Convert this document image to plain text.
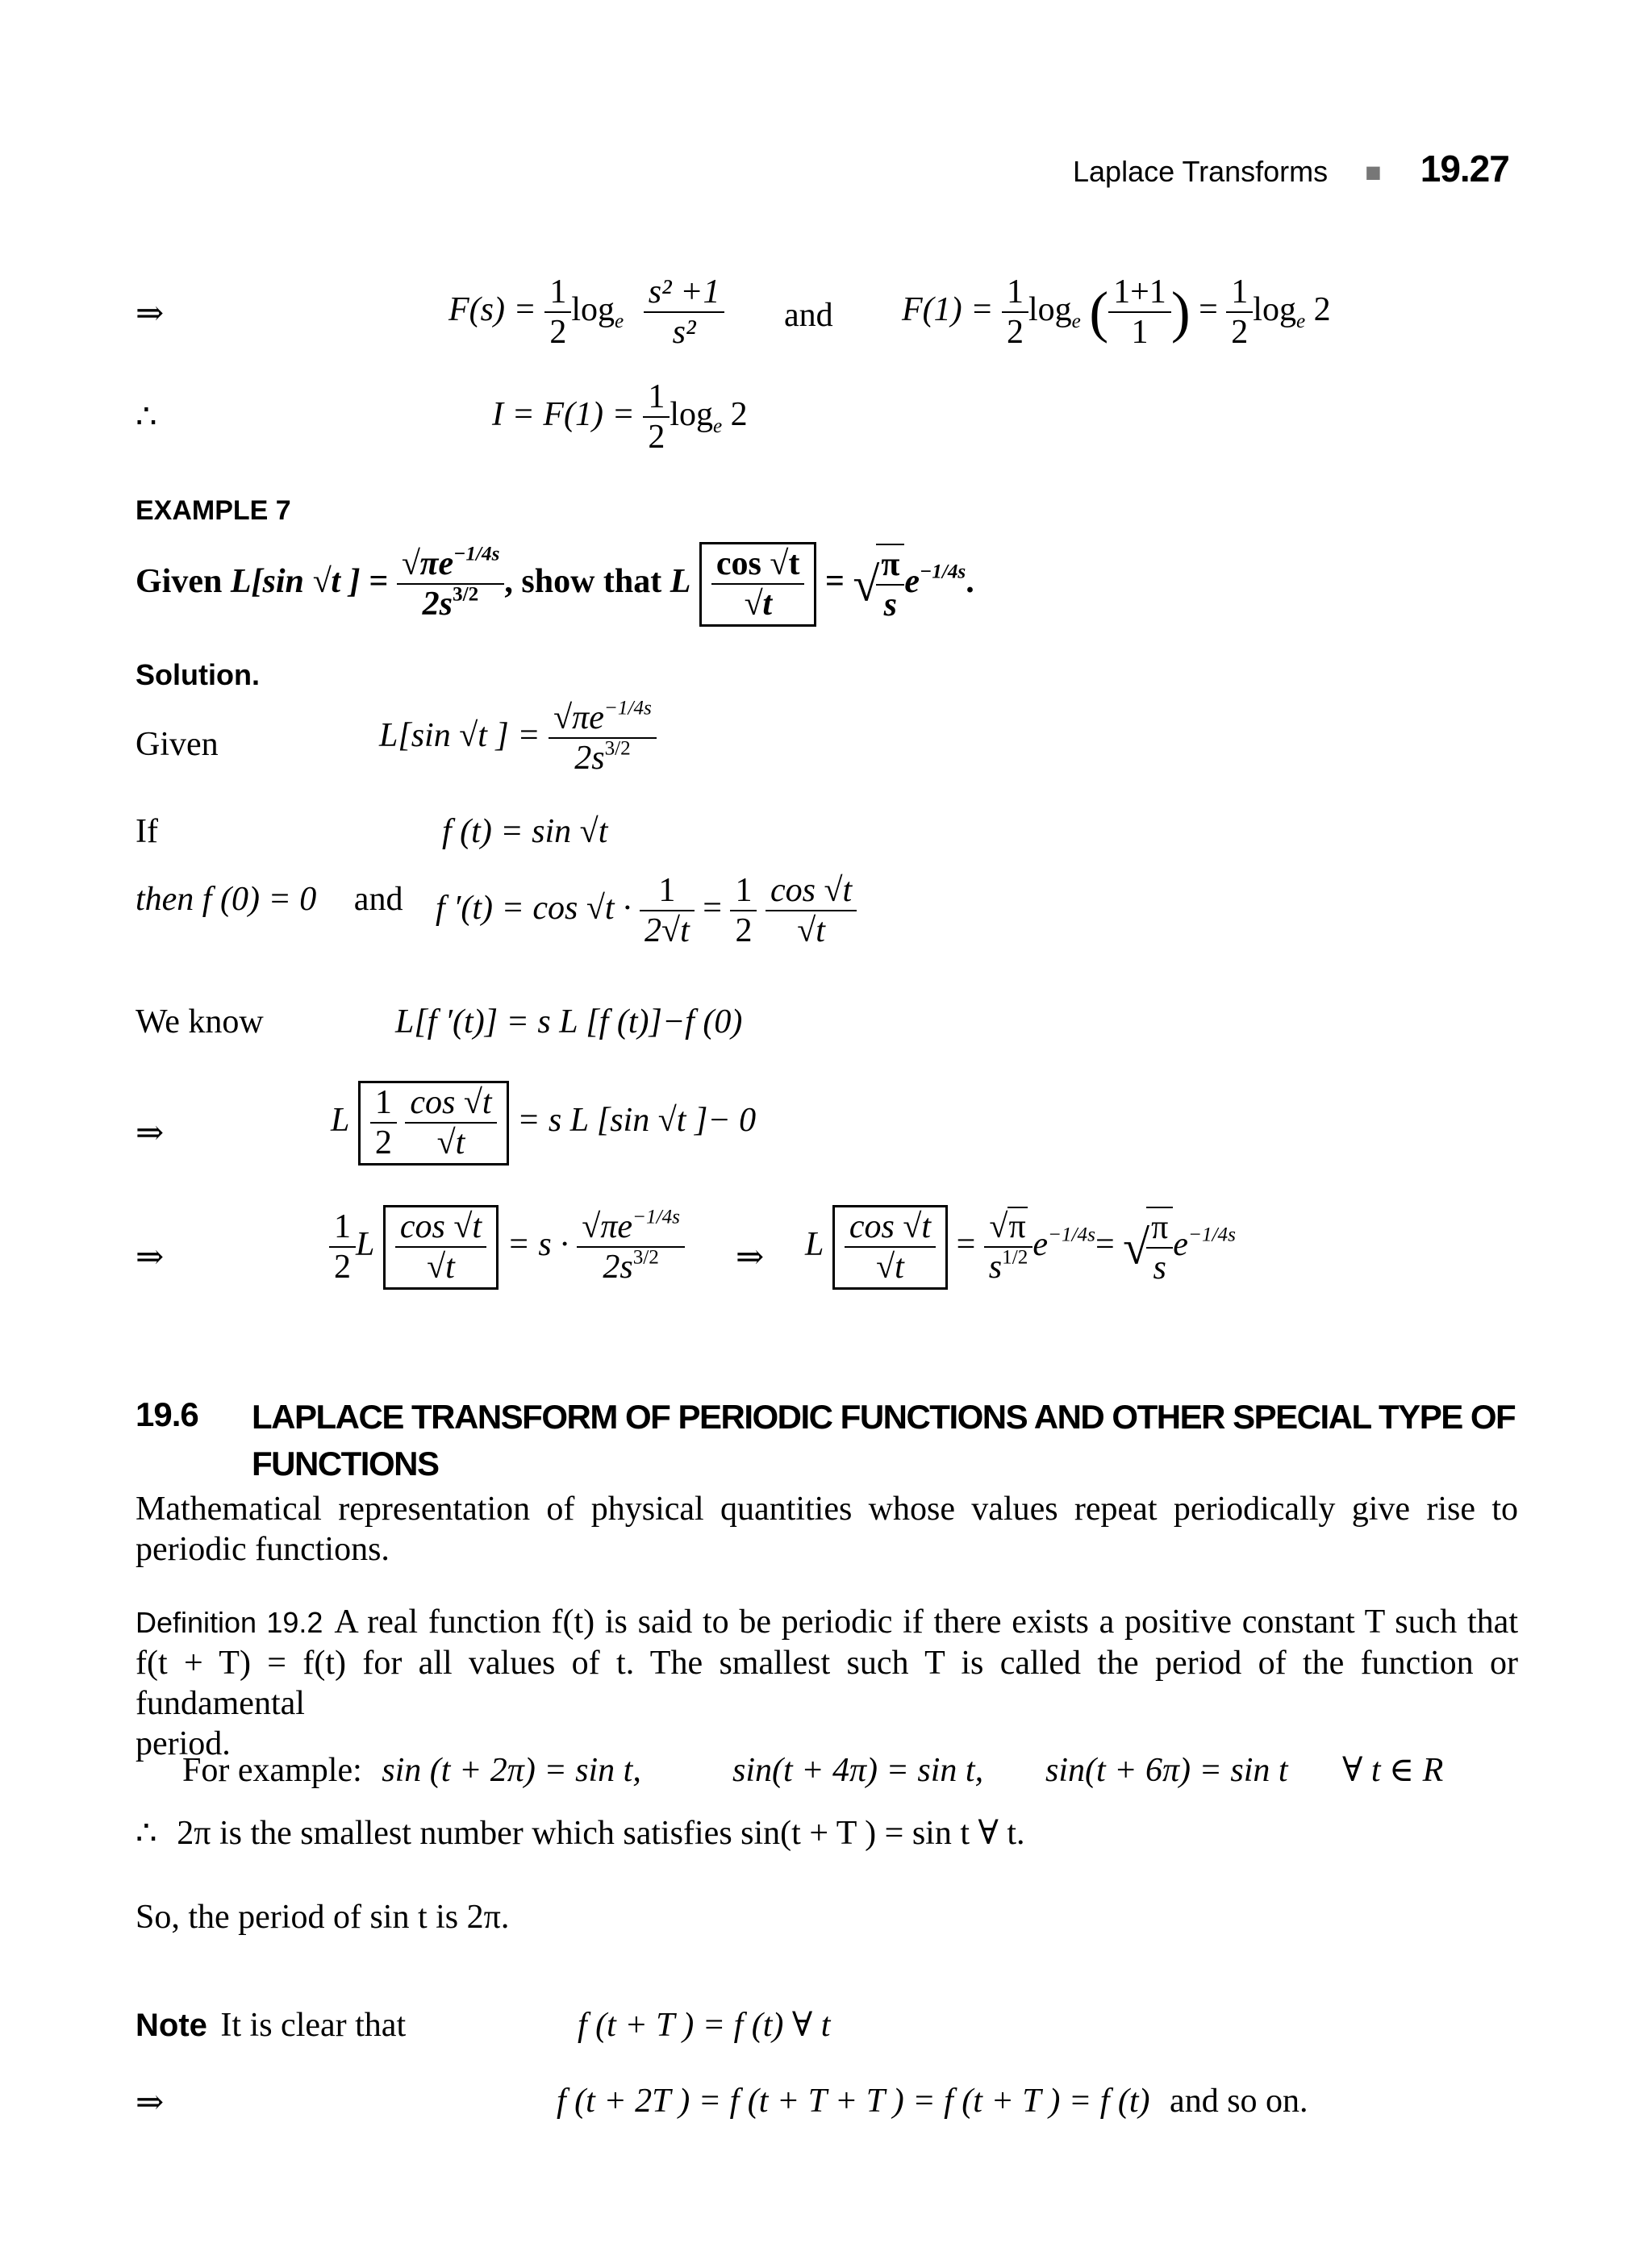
Laplace Transforms ■ 19.27
⇒	$F(s) = \frac{1}{2} \log_e \frac{\text{s² +1}}{\text{s²}}$ and $F(1) = \frac{1}{2} \log_e$ ( $\frac{1+1}{1}$ ) = $\frac{1}{2} \log_e 2$
∴	$I = F(1) = \frac{1}{2} \log_e 2$
EXAMPLE 7
Given L[sin √t ] = $\frac{√\pi e^{-1/4s}}{2s^{3/2}}$ , show that L $\frac{\cos √t}{√t}$ = √
$\frac{\pi}{s} e^{-1/4s}$.
Solution.
Given	L[sin √t ] = $\frac{√\pi e^{-1/4s}}{2s^{3/2}}$
If	f (t) = sin √t
then f (0) = 0 and f $'(t) = \cos √t \cdot \frac{1}{2√t} = \frac{1}{2}$
$\frac{\cos √t}{√t}$
We know	L[f ′(t)] = s L [f (t)]−f (0)
⇒	L $\frac{1}{2}$
$\frac{\cos √t}{√t} = s$ L [sin √t ]− 0
⇒	$\frac{1}{2}$ L $\frac{\cos √t}{√t} = s \cdot \frac{√\pi e^{-1/4s}}{2s^{3/2}}$ ⇒ L $\frac{\cos √t}{√t} = \frac{√\pi}{s^{1/2}} e^{-1/4s}=$ √
$\frac{\pi}{s} e^{-1/4s}$
19.6 LAPLACE TRANSFORM OF PERIODIC FUNCTIONS AND OTHER SPECIAL TYPE OF
FUNCTIONS
Mathematical representation of physical quantities whose values repeat periodically give rise to
periodic functions.
Definition 19.2 A real function f(t) is said to be periodic if there exists a positive constant T such that
f(t + T) = f(t) for all values of t. The smallest such T is called the period of the function or fundamental
period.
For example: sin (t + 2π) = sin t,	sin(t + 4π) = sin t, sin(t + 6π) = sin t ∀ t ∈ R
∴ 2π is the smallest number which satisfies sin(t + T ) = sin t ∀ t.
So, the period of sin t is 2π.
Note It is clear that	f (t + T ) = f (t) ∀ t
⇒	f (t + 2T ) = f (t + T + T ) = f (t + T ) = f (t) and so on.
